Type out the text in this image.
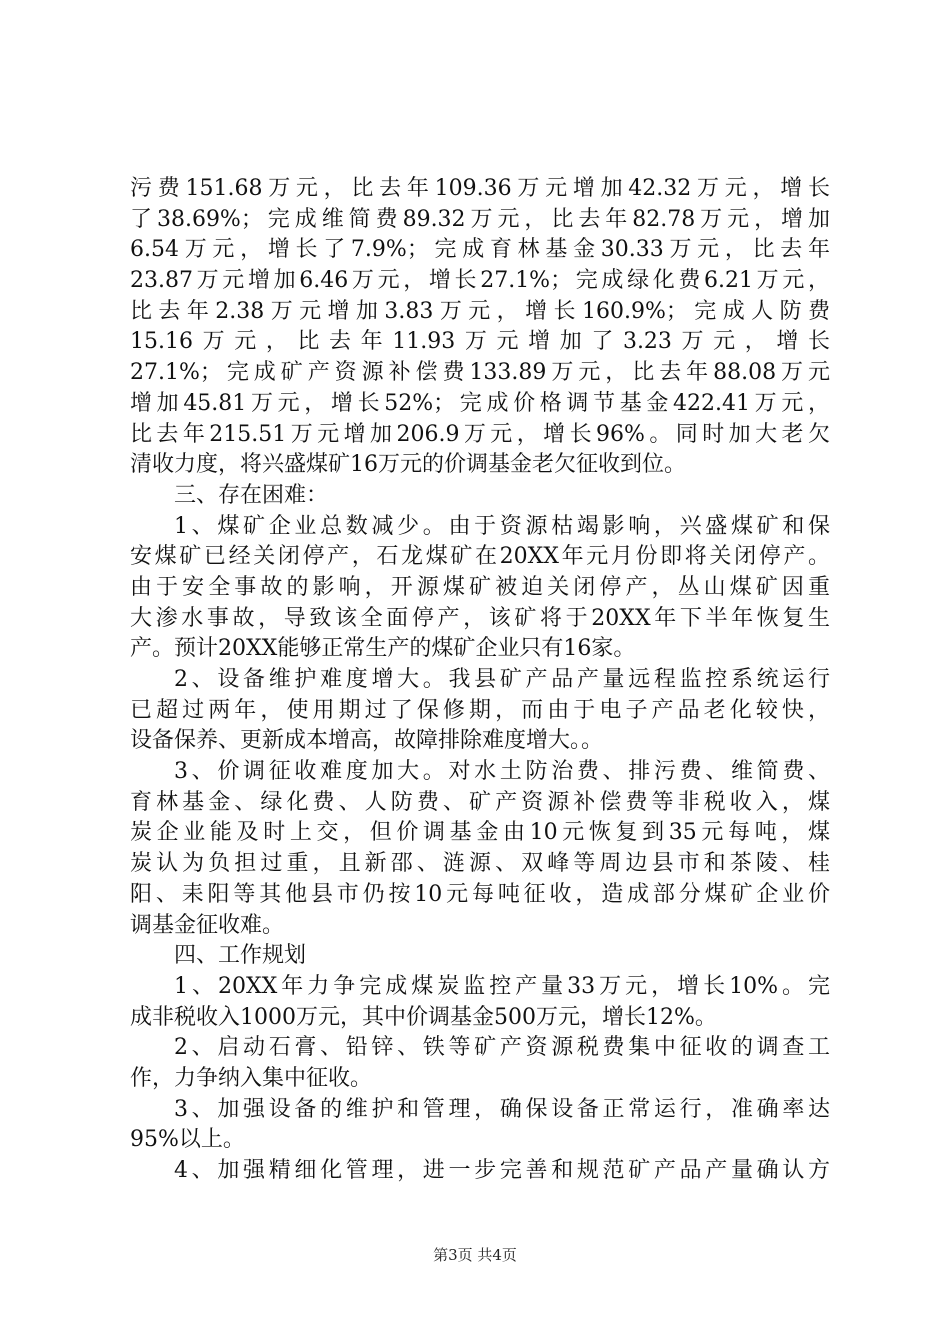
污费151.68万元，比去年109.36万元增加42.32万元，增长
了38.69%；完成维简费89.32万元，比去年82.78万元，增加
6.54万元，增长了7.9%；完成育林基金30.33万元，比去年
23.87万元增加6.46万元，增长27.1%；完成绿化费6.21万元，
比去年2.38万元增加3.83万元，增长160.9%；完成人防费
15.16万元，比去年11.93万元增加了3.23万元，增长
27.1%；完成矿产资源补偿费133.89万元，比去年88.08万元
增加45.81万元，增长52%；完成价格调节基金422.41万元，
比去年215.51万元增加206.9万元，增长96%。同时加大老欠
清收力度，将兴盛煤矿16万元的价调基金老欠征收到位。
三、存在困难：
1、煤矿企业总数减少。由于资源枯竭影响，兴盛煤矿和保
安煤矿已经关闭停产，石龙煤矿在20XX年元月份即将关闭停产。
由于安全事故的影响，开源煤矿被迫关闭停产，丛山煤矿因重
大渗水事故，导致该全面停产，该矿将于20XX年下半年恢复生
产。预计20XX能够正常生产的煤矿企业只有16家。
2、设备维护难度增大。我县矿产品产量远程监控系统运行
已超过两年，使用期过了保修期，而由于电子产品老化较快，
设备保养、更新成本增高，故障排除难度增大。。
3、价调征收难度加大。对水土防治费、排污费、维简费、
育林基金、绿化费、人防费、矿产资源补偿费等非税收入，煤
炭企业能及时上交，但价调基金由10元恢复到35元每吨，煤
炭认为负担过重，且新邵、涟源、双峰等周边县市和茶陵、桂
阳、耒阳等其他县市仍按10元每吨征收，造成部分煤矿企业价
调基金征收难。
四、工作规划
1、20XX年力争完成煤炭监控产量33万元，增长10%。完
成非税收入1000万元，其中价调基金500万元，增长12%。
2、启动石膏、铅锌、铁等矿产资源税费集中征收的调查工
作，力争纳入集中征收。
3、加强设备的维护和管理，确保设备正常运行，准确率达
95%以上。
4、加强精细化管理，进一步完善和规范矿产品产量确认方
第3页 共4页
